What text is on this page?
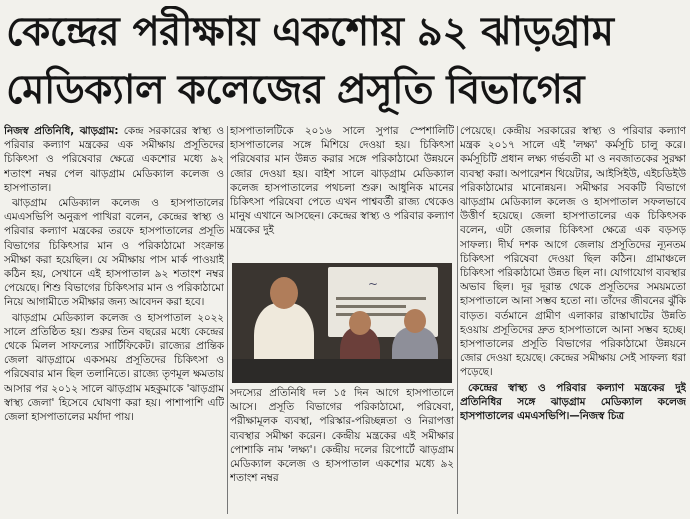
কেন্দ্রের পরীক্ষায় একশোয় ৯২ ঝাড়গ্রাম
মেডিক্যাল কলেজের প্রসূতি বিভাগের

নিজস্ব প্রতিনিধি, ঝাড়গ্রাম: কেন্দ্র সরকারের স্বাস্থ্য ও পরিবার কল্যাণ মন্ত্রকের এক সমীক্ষায় প্রসূতিদের চিকিৎসা ও পরিষেবার ক্ষেত্রে একশোর মধ্যে ৯২ শতাংশ নম্বর পেল ঝাড়গ্রাম মেডিক্যাল কলেজ ও হাসপাতাল।

ঝাড়গ্রাম মেডিক্যাল কলেজ ও হাসপাতালের এমএসভিপি অনুরূপ পাখিরা বলেন, কেন্দ্রের স্বাস্থ্য ও পরিবার কল্যাণ মন্ত্রকের তরফে হাসপাতালের প্রসূতি বিভাগের চিকিৎসার মান ও পরিকাঠামো সংক্রান্ত সমীক্ষা করা হয়েছিল। যে সমীক্ষায় পাস মার্ক পাওয়াই কঠিন হয়, সেখানে এই হাসপাতাল ৯২ শতাংশ নম্বর পেয়েছে। শিশু বিভাগের চিকিৎসার মান ও পরিকাঠামো নিয়ে আগামীতে সমীক্ষার জন্য আবেদন করা হবে।

ঝাড়গ্রাম মেডিক্যাল কলেজ ও হাসপাতাল ২০২২ সালে প্রতিষ্ঠিত হয়। শুরুর তিন বছরের মধ্যে কেন্দ্রের থেকে মিলল সাফল্যের সার্টিফিকেট। রাজ্যের প্রান্তিক জেলা ঝাড়গ্রামে একসময় প্রসূতিদের চিকিৎসা ও পরিষেবার মান ছিল তলানিতে। রাজ্যে তৃণমূল ক্ষমতায় আসার পর ২০১২ সালে ঝাড়গ্রাম মহকুমাকে 'ঝাড়গ্রাম স্বাস্থ্য জেলা' হিসেবে ঘোষণা করা হয়। পাশাপাশি এটি জেলা হাসপাতালের মর্যাদা পায়।

হাসপাতালটিকে ২০১৬ সালে সুপার স্পেশালিটি হাসপাতালের সঙ্গে মিশিয়ে দেওয়া হয়। চিকিৎসা পরিষেবার মান উন্নত করার সঙ্গে পরিকাঠামো উন্নয়নে জোর দেওয়া হয়। বাইশ সালে ঝাড়গ্রাম মেডিক্যাল কলেজ হাসপাতালের পথচলা শুরু। আধুনিক মানের চিকিৎসা পরিষেবা পেতে এখন পাশ্ববর্তী রাজ্য থেকেও মানুষ এখানে আসছেন। কেন্দ্রের স্বাস্থ্য ও পরিবার কল্যাণ মন্ত্রকের দুই

~

সদস্যের প্রতিনিধি দল ১৫ দিন আগে হাসপাতালে আসে। প্রসূতি বিভাগের পরিকাঠামো, পরিষেবা, পরীক্ষামূলক ব্যবস্থা, পরিস্কার-পরিচ্ছন্নতা ও নিরাপত্তা ব্যবস্থার সমীক্ষা করেন। কেন্দ্রীয় মন্ত্রকের এই সমীক্ষার পোশাকি নাম 'লক্ষ্য'। কেন্দ্রীয় দলের রিপোর্টে ঝাড়গ্রাম মেডিক্যাল কলেজ ও হাসপাতাল একশোর মধ্যে ৯২ শতাংশ নম্বর

পেয়েছে। কেন্দ্রীয় সরকারের স্বাস্থ্য ও পরিবার কল্যাণ মন্ত্রক ২০১৭ সালে এই 'লক্ষ্য' কর্মসূচি চালু করে। কর্মসূচিটি প্রধান লক্ষ্য গর্ভবতী মা ও নবজাতকের সুরক্ষা ব্যবস্থা করা। অপারেশন থিয়েটার, আইসিইউ, এইচডিইউ পরিকাঠামোর মানোন্নয়ন। সমীক্ষার সবকটি বিভাগে ঝাড়গ্রাম মেডিক্যাল কলেজ ও হাসপাতাল সফলভাবে উত্তীর্ণ হয়েছে। জেলা হাসপাতালের এক চিকিৎসক বলেন, এটা জেলার চিকিৎসা ক্ষেত্রে এক বড়সড় সাফল্য। দীর্ঘ দশক আগে জেলায় প্রসূতিদের ন্যূনতম চিকিৎসা পরিষেবা দেওয়া ছিল কঠিন। গ্রামাঞ্চলে চিকিৎসা পরিকাঠামো উন্নত ছিল না। যোগাযোগ ব্যবস্থার অভাব ছিল। দূর দূরান্ত থেকে প্রসূতিদের সময়মতো হাসপাতালে আনা সম্ভব হতো না। তাঁদের জীবনের ঝুঁকি বাড়ত। বর্তমানে গ্রামীণ এলাকার রাস্তাঘাটের উন্নতি হওয়ায় প্রসূতিদের দ্রুত হাসপাতালে আনা সম্ভব হচ্ছে। হাসপাতালের প্রসূতি বিভাগের পরিকাঠামো উন্নয়নে জোর দেওয়া হয়েছে। কেন্দ্রের সমীক্ষায় সেই সাফল্য ধরা পড়েছে।

কেন্দ্রের স্বাস্থ্য ও পরিবার কল্যাণ মন্ত্রকের দুই প্রতিনিধির সঙ্গে ঝাড়গ্রাম মেডিক্যাল কলেজ হাসপাতালের এমএসভিপি।—নিজস্ব চিত্র
